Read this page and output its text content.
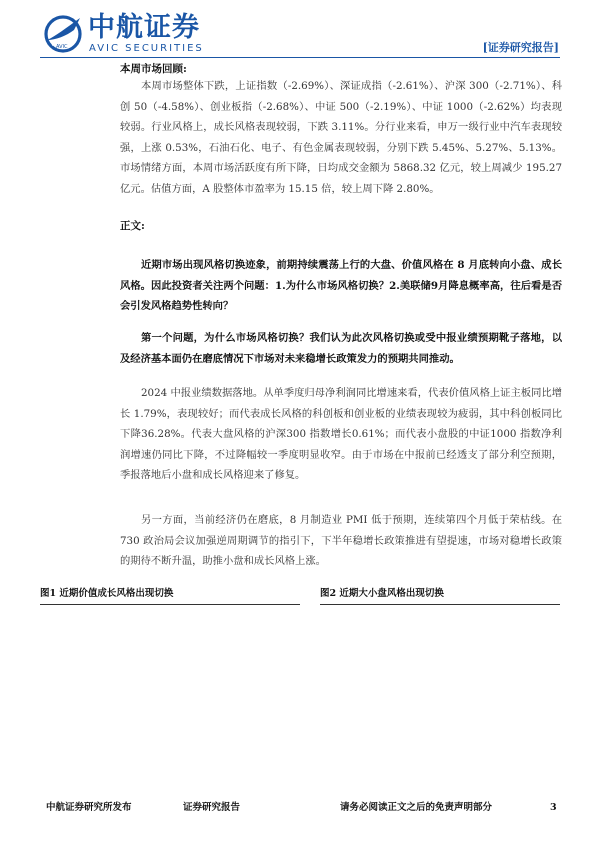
AVIC
中航证券
AVIC SECURITIES	[证券研究报告]
本周市场回顾:
本周市场整体下跌，上证指数（-2.69%）、深证成指（-2.61%）、沪深 300（-2.71%）、科创 50（-4.58%）、创业板指（-2.68%）、中证 500（-2.19%）、中证 1000（-2.62%）均表现较弱。行业风格上，成长风格表现较弱，下跌 3.11%。分行业来看，申万一级行业中汽车表现较强，上涨 0.53%，石油石化、电子、有色金属表现较弱，分别下跌 5.45%、5.27%、5.13%。市场情绪方面，本周市场活跃度有所下降，日均成交金额为 5868.32 亿元，较上周减少 195.27 亿元。估值方面，A 股整体市盈率为 15.15 倍，较上周下降 2.80%。
正文:
近期市场出现风格切换迹象，前期持续震荡上行的大盘、价值风格在 8 月底转向小盘、成长风格。因此投资者关注两个问题：1.为什么市场风格切换？2.美联储9月降息概率高，往后看是否会引发风格趋势性转向？
第一个问题，为什么市场风格切换？我们认为此次风格切换或受中报业绩预期靴子落地，以及经济基本面仍在磨底情况下市场对未来稳增长政策发力的预期共同推动。
2024 中报业绩数据落地。从单季度归母净利润同比增速来看，代表价值风格上证主板同比增长 1.79%，表现较好；而代表成长风格的科创板和创业板的业绩表现较为疲弱，其中科创板同比下降36.28%。代表大盘风格的沪深300 指数增长0.61%；而代表小盘股的中证1000 指数净利润增速仍同比下降，不过降幅较一季度明显收窄。由于市场在中报前已经透支了部分利空预期，季报落地后小盘和成长风格迎来了修复。
另一方面，当前经济仍在磨底，8 月制造业 PMI 低于预期，连续第四个月低于荣枯线。在 730 政治局会议加强逆周期调节的指引下，下半年稳增长政策推进有望提速，市场对稳增长政策的期待不断升温，助推小盘和成长风格上涨。
图1 近期价值成长风格出现切换	图2 近期大小盘风格出现切换
中航证券研究所发布	证券研究报告	请务必阅读正文之后的免责声明部分	3
